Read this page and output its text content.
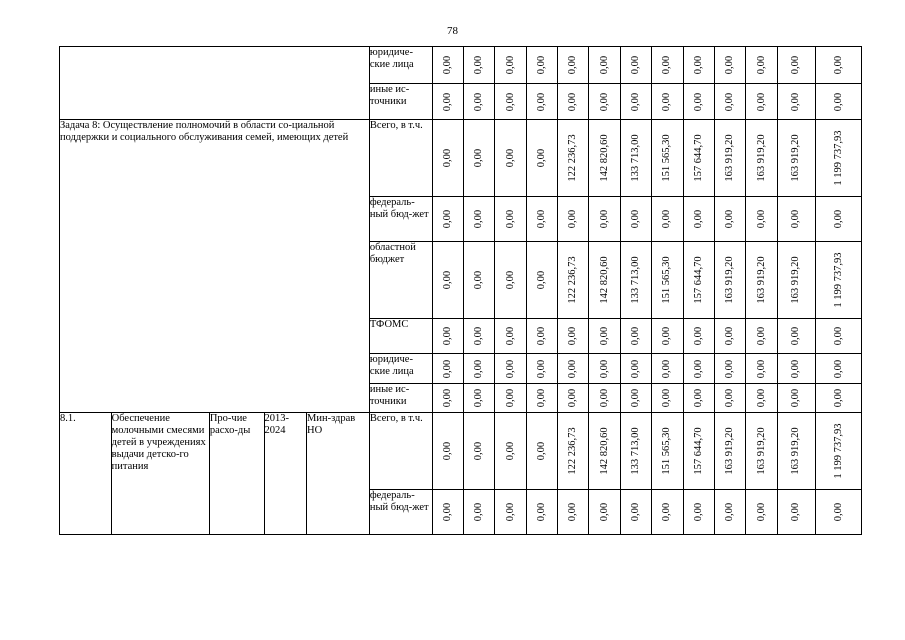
78
					юридиче-ские лица	0,00	0,00	0,00	0,00	0,00	0,00	0,00	0,00	0,00	0,00	0,00	0,00	0,00

					иные ис-точники	0,00	0,00	0,00	0,00	0,00	0,00	0,00	0,00	0,00	0,00	0,00	0,00	0,00

Задача 8: Осуществление полномочий в области со-циальной поддержки и социального обслуживания семей, имеющих детей					Всего, в т.ч.	0,00	0,00	0,00	0,00	122 236,73	142 820,60	133 713,00	151 565,30	157 644,70	163 919,20	163 919,20	163 919,20	1 199 737,93

					федераль-ный бюд-жет	0,00	0,00	0,00	0,00	0,00	0,00	0,00	0,00	0,00	0,00	0,00	0,00	0,00

					областной бюджет	0,00	0,00	0,00	0,00	122 236,73	142 820,60	133 713,00	151 565,30	157 644,70	163 919,20	163 919,20	163 919,20	1 199 737,93

					ТФОМС	0,00	0,00	0,00	0,00	0,00	0,00	0,00	0,00	0,00	0,00	0,00	0,00	0,00

					юридиче-ские лица	0,00	0,00	0,00	0,00	0,00	0,00	0,00	0,00	0,00	0,00	0,00	0,00	0,00

					иные ис-точники	0,00	0,00	0,00	0,00	0,00	0,00	0,00	0,00	0,00	0,00	0,00	0,00	0,00

8.1.	Обеспечение молочными смесями детей в учреждениях выдачи детско-го питания	Про-чие расхо-ды	2013-2024	Мин-здрав НО	Всего, в т.ч.	0,00	0,00	0,00	0,00	122 236,73	142 820,60	133 713,00	151 565,30	157 644,70	163 919,20	163 919,20	163 919,20	1 199 737,93

					федераль-ный бюд-жет	0,00	0,00	0,00	0,00	0,00	0,00	0,00	0,00	0,00	0,00	0,00	0,00	0,00
